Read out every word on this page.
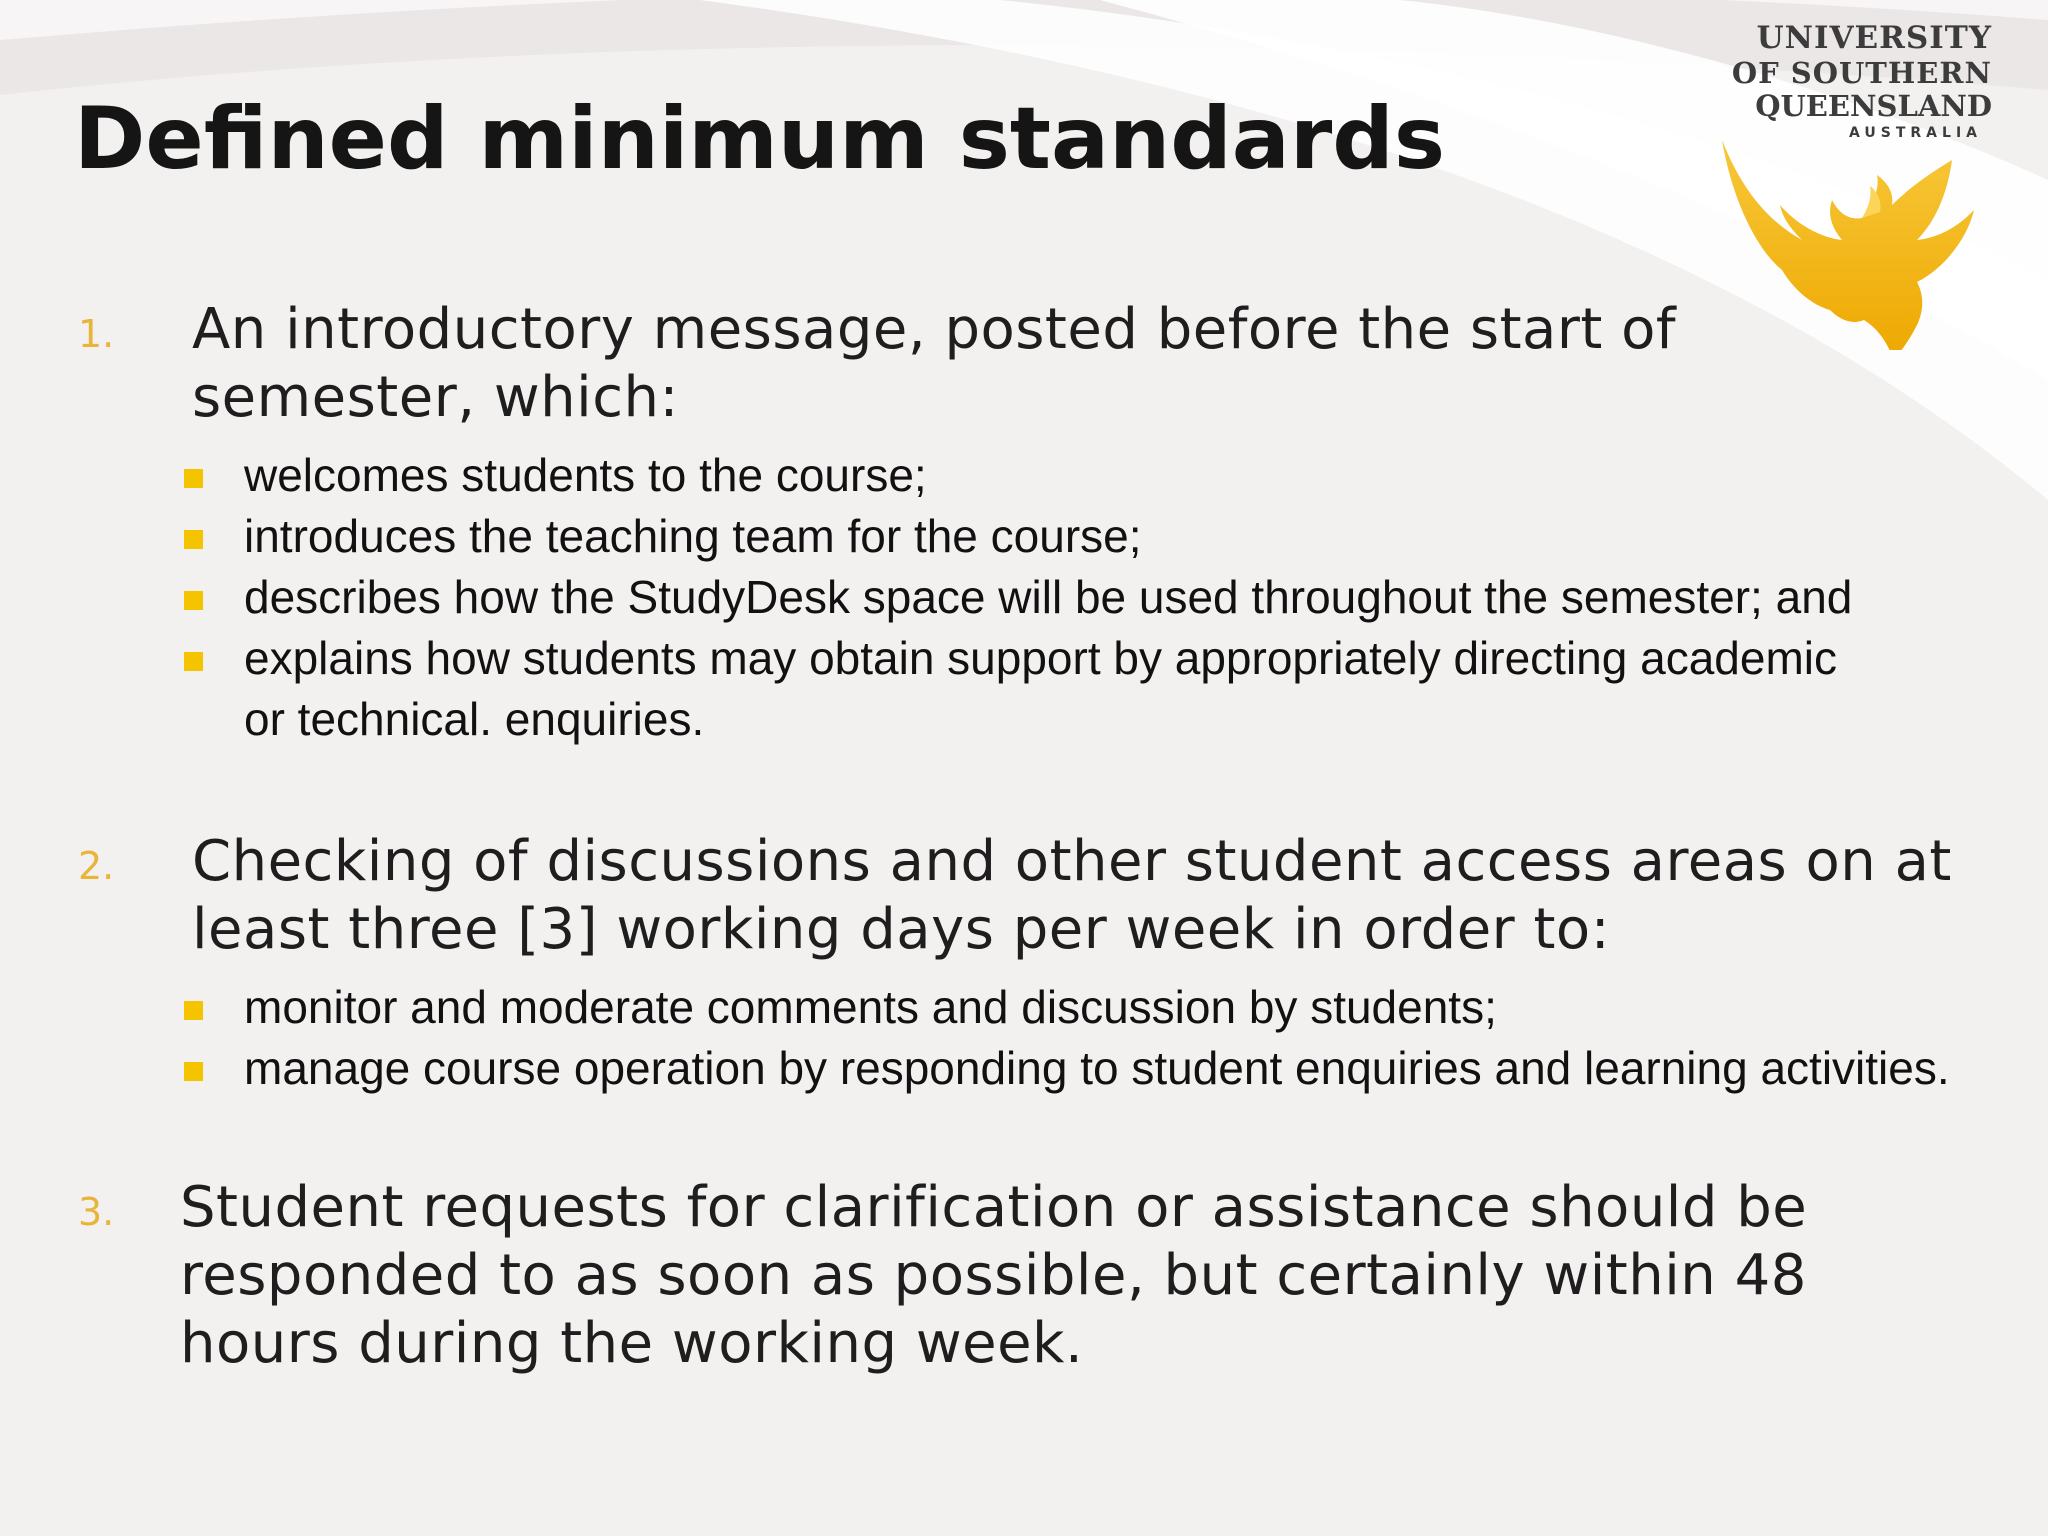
Defined minimum standards
UNIVERSITY
OF SOUTHERN
QUEENSLAND
AUSTRALIA
1. An introductory message, posted before the start of semester, which:
welcomes students to the course;
introduces the teaching team for the course;
describes how the StudyDesk space will be used throughout the semester; and
explains how students may obtain support by appropriately directing academic or technical. enquiries.
2. Checking of discussions and other student access areas on at least three [3] working days per week in order to:
monitor and moderate comments and discussion by students;
manage course operation by responding to student enquiries and learning activities.
3. Student requests for clarification or assistance should be responded to as soon as possible, but certainly within 48 hours during the working week.
